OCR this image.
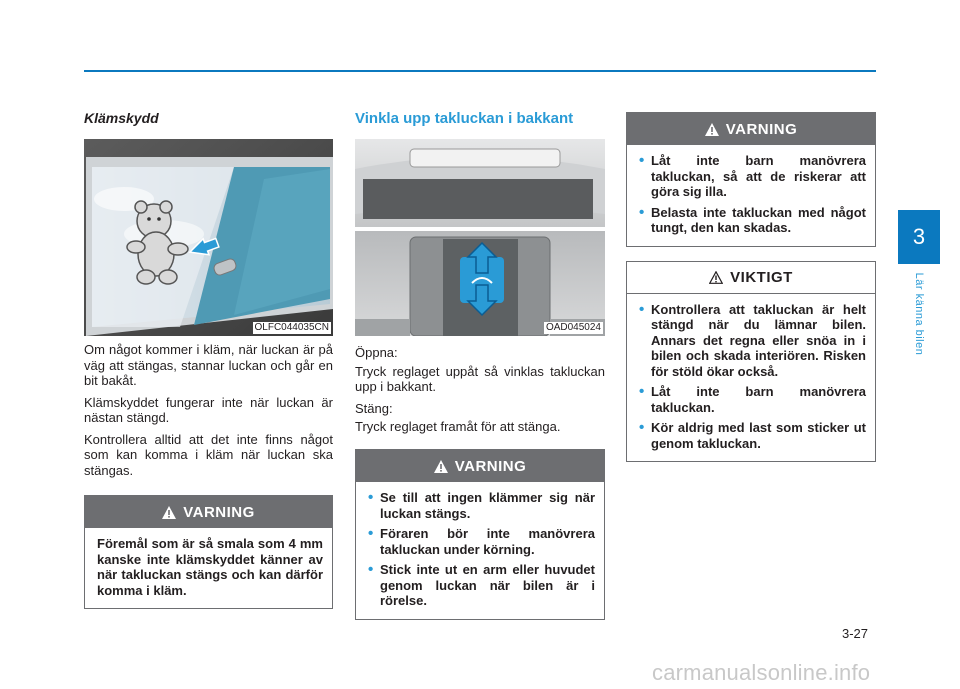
Klämskydd
OLFC044035CN

Om något kommer i kläm, när luckan är på väg att stängas, stannar luckan och går en bit bakåt.

Klämskyddet fungerar inte när luckan är nästan stängd.

Kontrollera alltid att det inte finns något som kan komma i kläm när luckan ska stängas.

VARNING

Föremål som är så smala som 4 mm kanske inte klämskyddet känner av när takluckan stängs och kan därför komma i kläm.

Vinkla upp takluckan i bakkant
OAD045024

Öppna:

Tryck reglaget uppåt så vinklas takluckan upp i bakkant.

Stäng:

Tryck reglaget framåt för att stänga.

VARNING
• Se till att ingen klämmer sig när luckan stängs.
• Föraren bör inte manövrera takluckan under körning.
• Stick inte ut en arm eller huvudet genom luckan när bilen är i rörelse.
VARNING
• Låt inte barn manövrera takluckan, så att de riskerar att göra sig illa.
• Belasta inte takluckan med något tungt, den kan skadas.
VIKTIGT
• Kontrollera att takluckan är helt stängd när du lämnar bilen. Annars det regna eller snöa in i bilen och skada interiören. Risken för stöld ökar också.
• Låt inte barn manövrera takluckan.
• Kör aldrig med last som sticker ut genom takluckan.
3
Lär känna bilen
3-27
carmanualsonline.info
